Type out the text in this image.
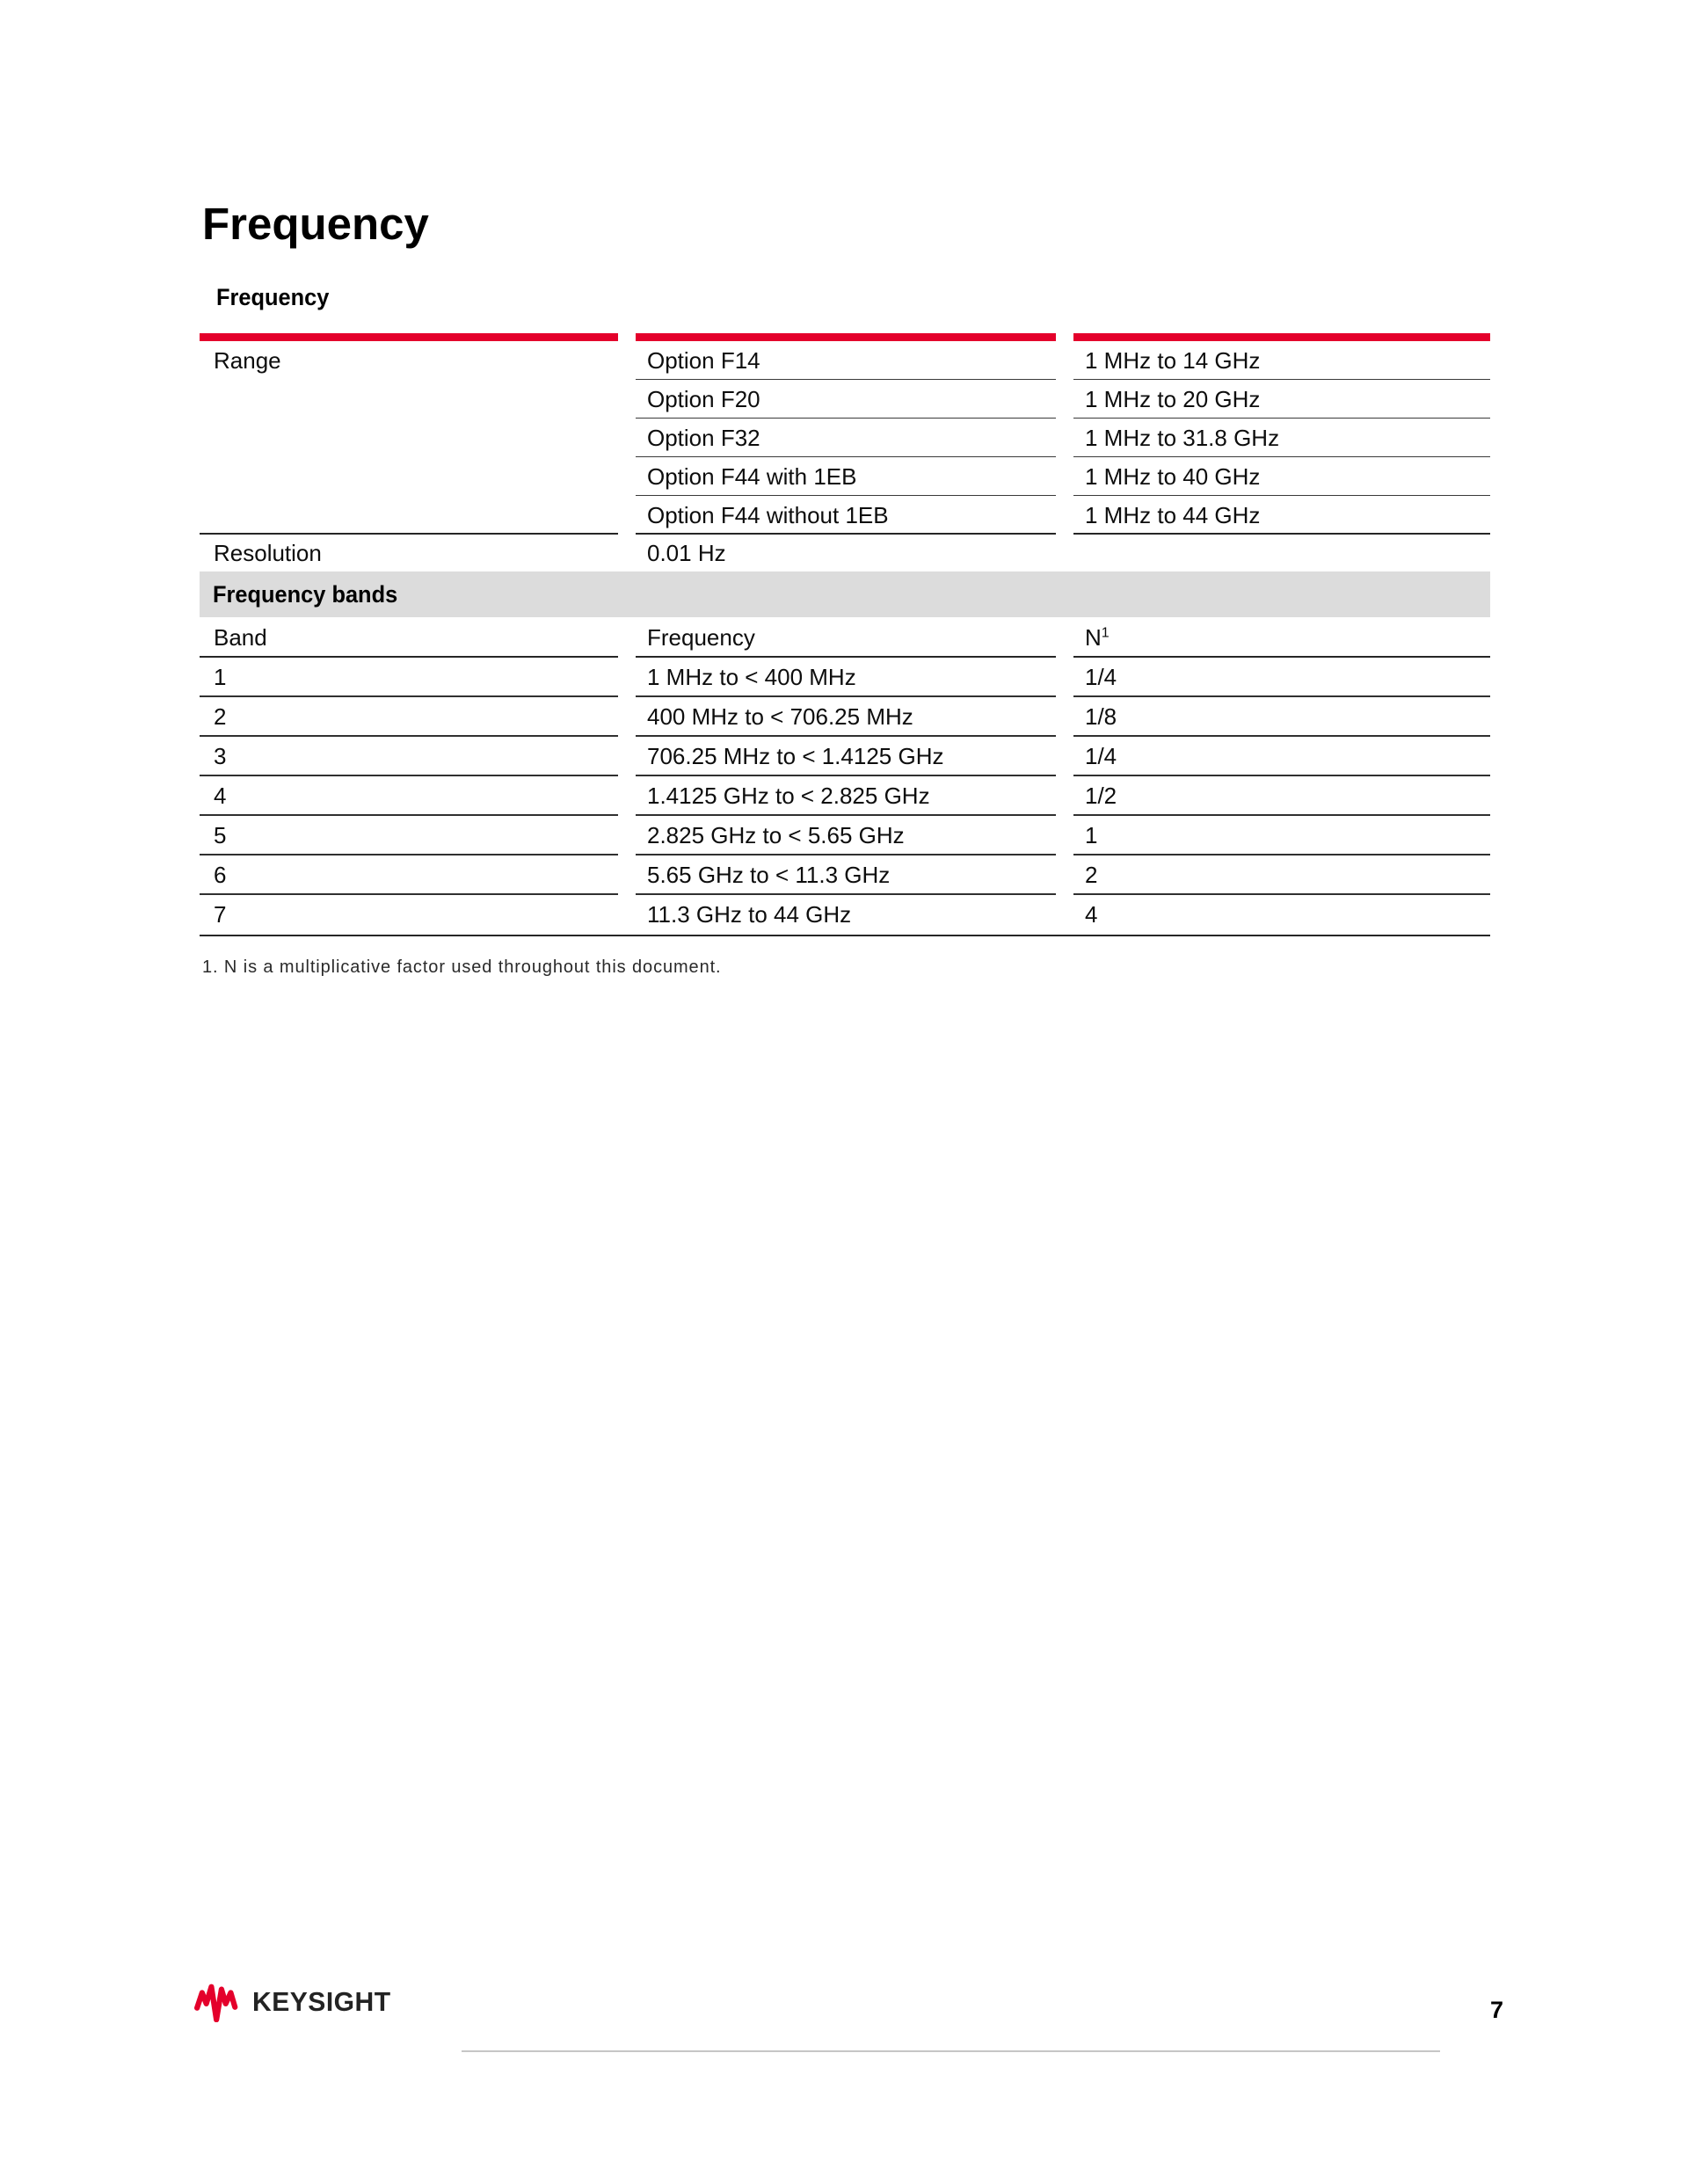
Frequency
Frequency
Range	Option F14	1 MHz to 14 GHz
Option F20	1 MHz to 20 GHz
Option F32	1 MHz to 31.8 GHz
Option F44 with 1EB	1 MHz to 40 GHz
Option F44 without 1EB	1 MHz to 44 GHz
Resolution	0.01 Hz
Frequency bands
Band	Frequency	N$^1$
1	1 MHz to < 400 MHz	1/4
2	400 MHz to < 706.25 MHz	1/8
3	706.25 MHz to < 1.4125 GHz	1/4
4	1.4125 GHz to < 2.825 GHz	1/2
5	2.825 GHz to < 5.65 GHz	1
6	5.65 GHz to < 11.3 GHz	2
7	11.3 GHz to 44 GHz	4
1. N is a multiplicative factor used throughout this document.
KEYSIGHT	7
